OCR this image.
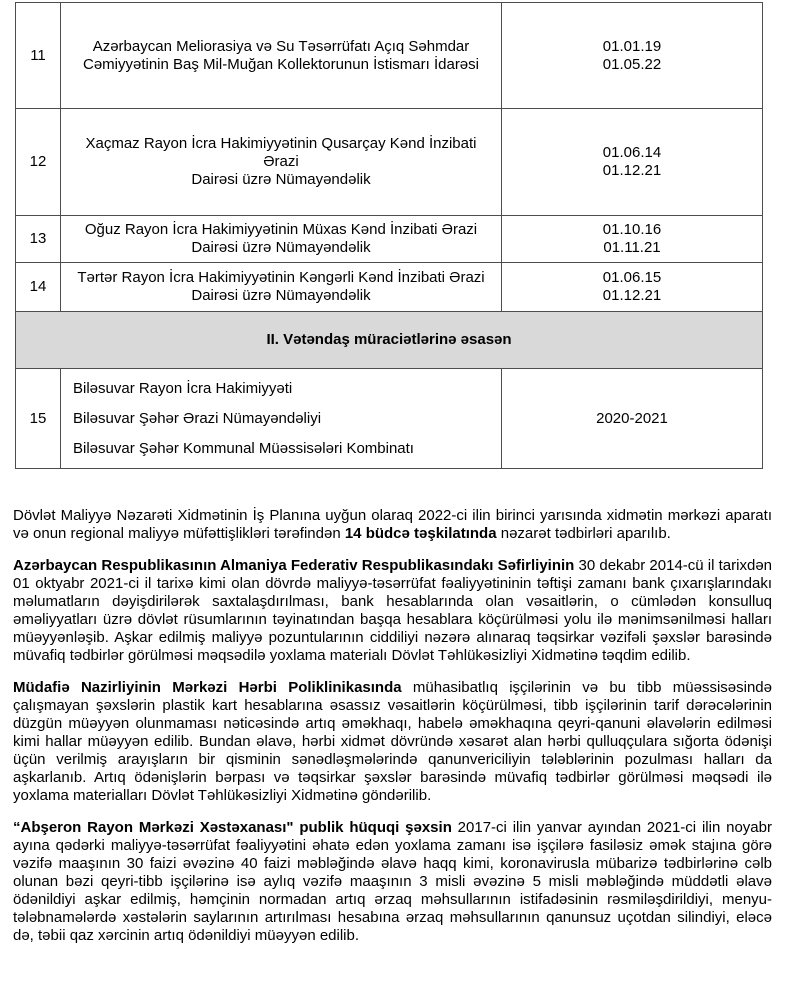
11
Azərbaycan Meliorasiya və Su Təsərrüfatı Açıq Səhmdar
Cəmiyyətinin Baş Mil-Muğan Kollektorunun İstismarı İdarəsi
01.01.19
01.05.22
12
Xaçmaz Rayon İcra Hakimiyyətinin Qusarçay Kənd İnzibati Ərazi
Dairəsi üzrə Nümayəndəlik
01.06.14
01.12.21
13
Oğuz Rayon İcra Hakimiyyətinin Müxas Kənd İnzibati Ərazi
Dairəsi üzrə Nümayəndəlik
01.10.16
01.11.21
14
Tərtər Rayon İcra Hakimiyyətinin Kəngərli Kənd İnzibati Ərazi
Dairəsi üzrə Nümayəndəlik
01.06.15
01.12.21
II. Vətəndaş müraciətlərinə əsasən
15
Biləsuvar Rayon İcra Hakimiyyəti
Biləsuvar Şəhər Ərazi Nümayəndəliyi
Biləsuvar Şəhər Kommunal Müəssisələri Kombinatı
2020-2021

Dövlət Maliyyə Nəzarəti Xidmətinin İş Planına uyğun olaraq 2022-ci ilin birinci yarısında xidmətin mərkəzi aparatı və onun regional maliyyə müfəttişlikləri tərəfindən 14 büdcə təşkilatında nəzarət tədbirləri aparılıb.

Azərbaycan Respublikasının Almaniya Federativ Respublikasındakı Səfirliyinin 30 dekabr 2014-cü il tarixdən 01 oktyabr 2021-ci il tarixə kimi olan dövrdə maliyyə-təsərrüfat fəaliyyətininin təftişi zamanı bank çıxarışlarındakı məlumatların dəyişdirilərək saxtalaşdırılması, bank hesablarında olan vəsaitlərin, o cümlədən konsulluq əməliyyatları üzrə dövlət rüsumlarının təyinatından başqa hesablara köçürülməsi yolu ilə mənimsənilməsi halları müəyyənləşib. Aşkar edilmiş maliyyə pozuntularının ciddiliyi nəzərə alınaraq təqsirkar vəzifəli şəxslər barəsində müvafiq tədbirlər görülməsi məqsədilə yoxlama materialı Dövlət Təhlükəsizliyi Xidmətinə təqdim edilib.

Müdafiə Nazirliyinin Mərkəzi Hərbi Poliklinikasında mühasibatlıq işçilərinin və bu tibb müəssisəsində çalışmayan şəxslərin plastik kart hesablarına əsassız vəsaitlərin köçürülməsi, tibb işçilərinin tarif dərəcələrinin düzgün müəyyən olunmaması nəticəsində artıq əməkhaqı, habelə əməkhaqına qeyri-qanuni əlavələrin edilməsi kimi hallar müəyyən edilib. Bundan əlavə, hərbi xidmət dövründə xəsarət alan hərbi qulluqçulara sığorta ödənişi üçün verilmiş arayışların bir qisminin sənədləşmələrində qanunvericiliyin tələblərinin pozulması halları da aşkarlanıb. Artıq ödənişlərin bərpası və təqsirkar şəxslər barəsində müvafiq tədbirlər görülməsi məqsədi ilə yoxlama materialları Dövlət Təhlükəsizliyi Xidmətinə göndərilib.

“Abşeron Rayon Mərkəzi Xəstəxanası" publik hüquqi şəxsin 2017-ci ilin yanvar ayından 2021-ci ilin noyabr ayına qədərki maliyyə-təsərrüfat fəaliyyətini əhatə edən yoxlama zamanı isə işçilərə fasiləsiz əmək stajına görə vəzifə maaşının 30 faizi əvəzinə 40 faizi məbləğində əlavə haqq kimi, koronavirusla mübarizə tədbirlərinə cəlb olunan bəzi qeyri-tibb işçilərinə isə aylıq vəzifə maaşının 3 misli əvəzinə 5 misli məbləğində müddətli əlavə ödənildiyi aşkar edilmiş, həmçinin normadan artıq ərzaq məhsullarının istifadəsinin rəsmiləşdirildiyi, menyu-tələbnamələrdə xəstələrin saylarının artırılması hesabına ərzaq məhsullarının qanunsuz uçotdan silindiyi, eləcə də, təbii qaz xərcinin artıq ödənildiyi müəyyən edilib.
